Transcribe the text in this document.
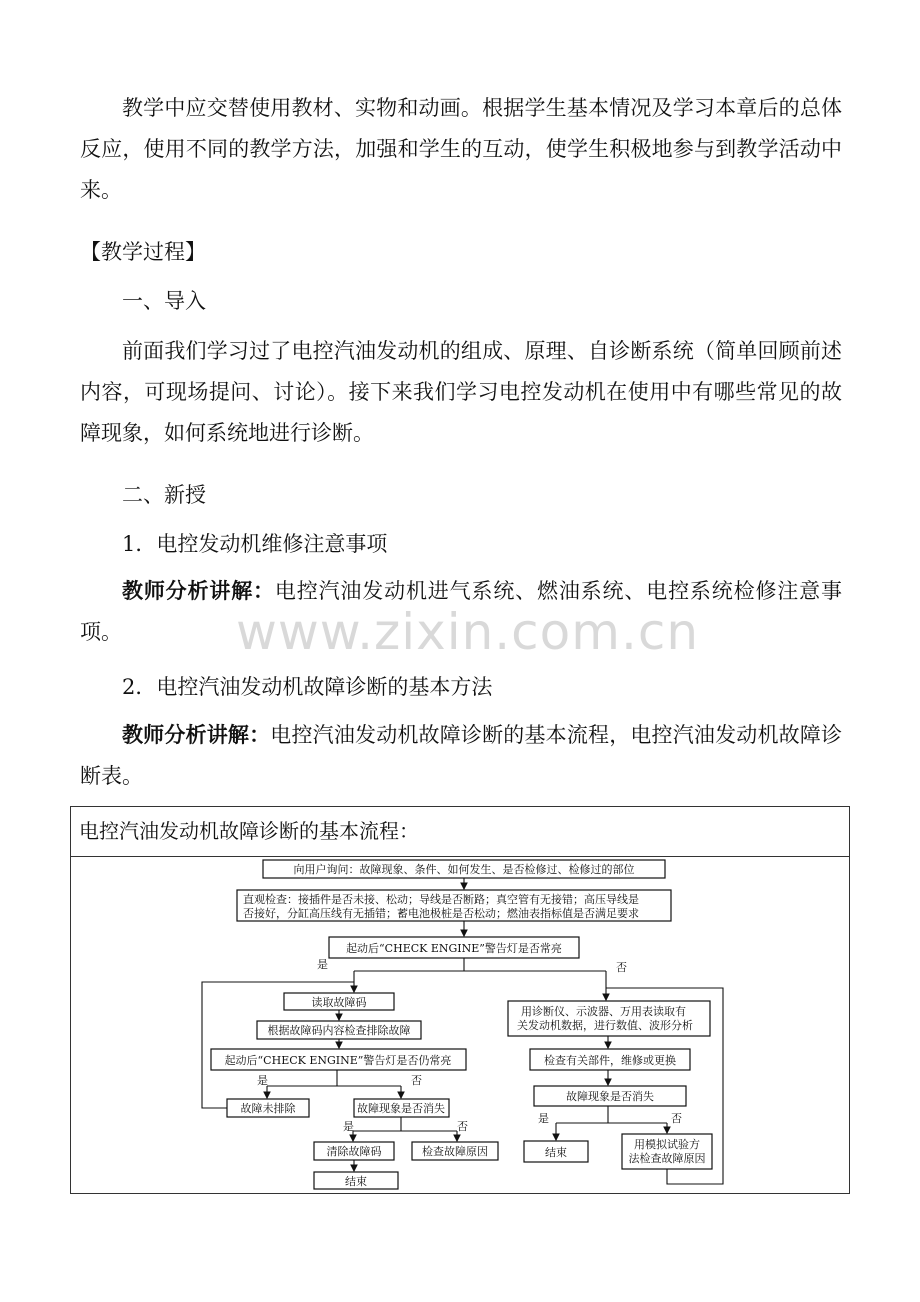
教学中应交替使用教材、实物和动画。根据学生基本情况及学习本章后的总体反应，使用不同的教学方法，加强和学生的互动，使学生积极地参与到教学活动中来。

【教学过程】

一、导入

前面我们学习过了电控汽油发动机的组成、原理、自诊断系统（简单回顾前述内容，可现场提问、讨论）。接下来我们学习电控发动机在使用中有哪些常见的故障现象，如何系统地进行诊断。

二、新授

1．电控发动机维修注意事项

教师分析讲解：电控汽油发动机进气系统、燃油系统、电控系统检修注意事项。

2．电控汽油发动机故障诊断的基本方法

教师分析讲解：电控汽油发动机故障诊断的基本流程，电控汽油发动机故障诊断表。

www.zixin.com.cn
电控汽油发动机故障诊断的基本流程：
向用户询问：故障现象、条件、如何发生、是否检修过、检修过的部位
直观检查：接插件是否未接、松动；导线是否断路；真空管有无接错；高压导线是
否接好，分缸高压线有无插错；蓄电池极桩是否松动；燃油表指标值是否满足要求
起动后“CHECK ENGINE”警告灯是否常亮
是	否
读取故障码
根据故障码内容检查排除故障
起动后“CHECK ENGINE”警告灯是否仍常亮
是	否
故障未排除	故障现象是否消失
是	否
清除故障码	检查故障原因
结束
用诊断仪、示波器、万用表读取有
关发动机数据，进行数值、波形分析
检查有关部件，维修或更换
故障现象是否消失
是	否
结束
用模拟试验方
法检查故障原因
